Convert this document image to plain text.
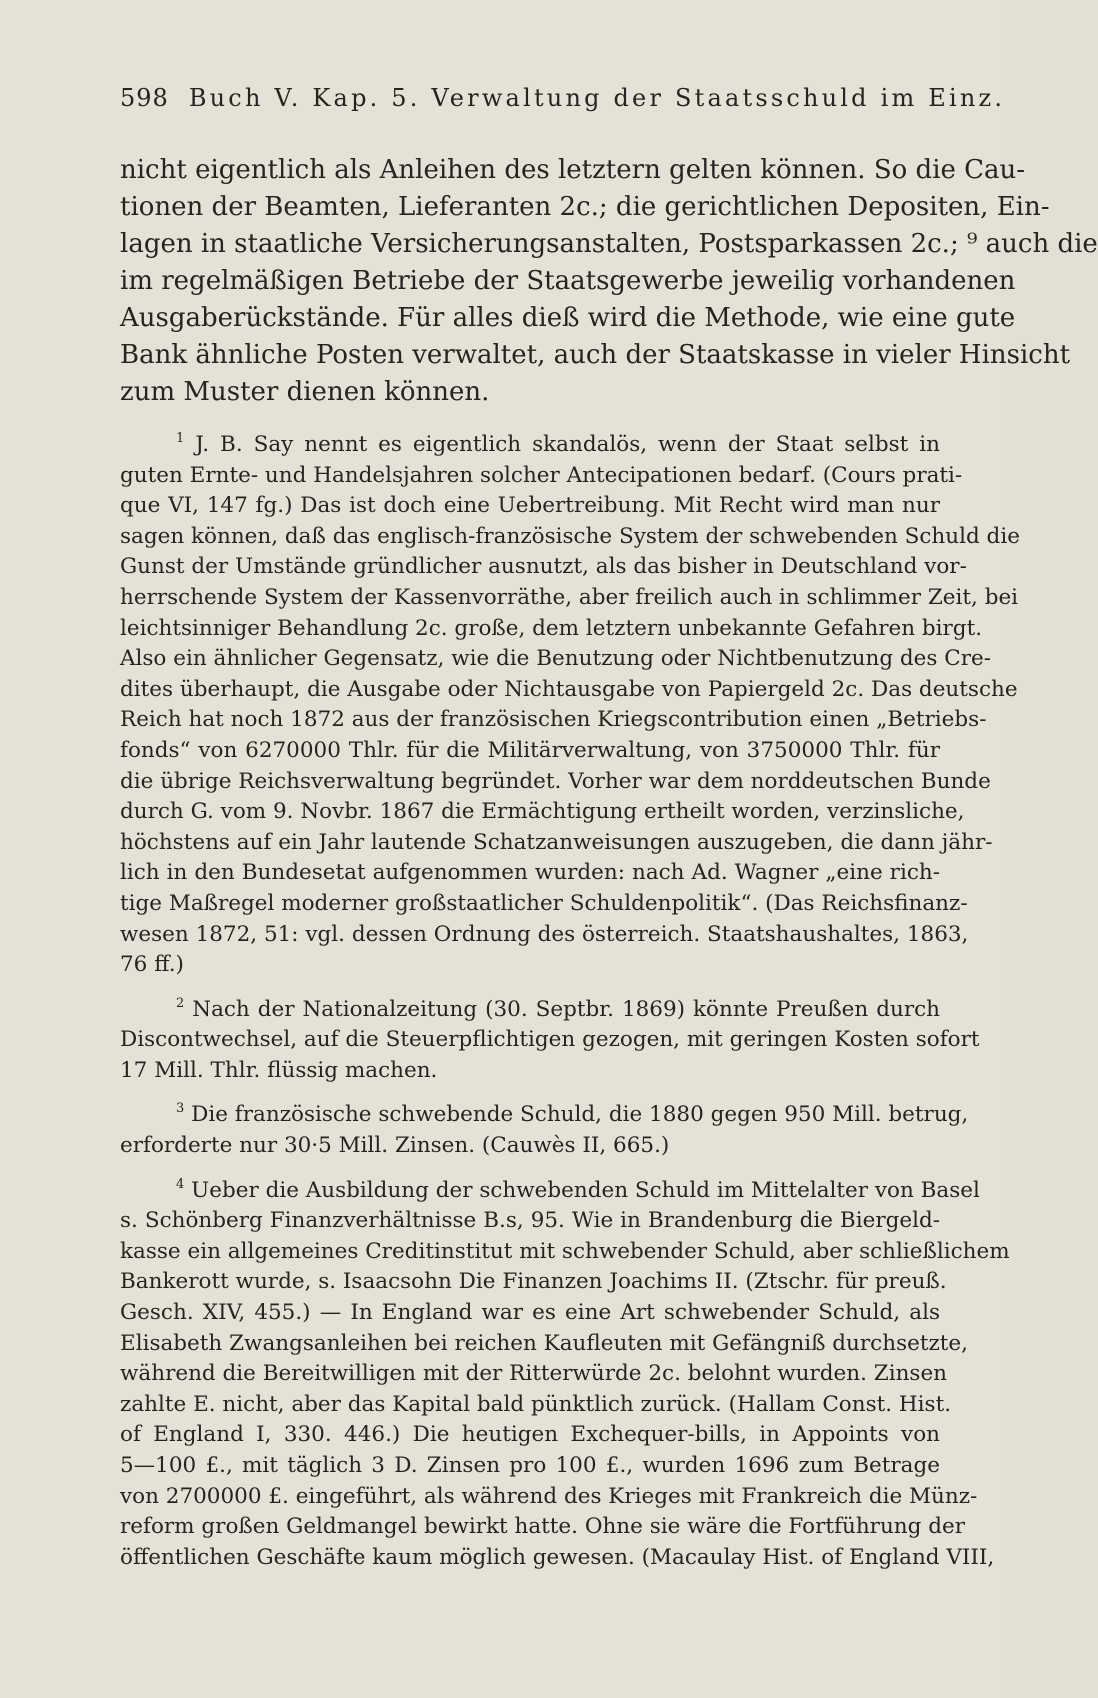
598 Buch V. Kap. 5. Verwaltung der Staatsschuld im Einz.
nicht eigentlich als Anleihen des letztern gelten können. So die Cau-
tionen der Beamten, Lieferanten 2c.; die gerichtlichen Depositen, Ein-
lagen in staatliche Versicherungsanstalten, Postsparkassen 2c.; ⁹ auch die
im regelmäßigen Betriebe der Staatsgewerbe jeweilig vorhandenen
Ausgaberückstände. Für alles dieß wird die Methode, wie eine gute
Bank ähnliche Posten verwaltet, auch der Staatskasse in vieler Hinsicht
zum Muster dienen können.
$^1$ J. B. Say nennt es eigentlich skandalös, wenn der Staat selbst in
guten Ernte- und Handelsjahren solcher Antecipationen bedarf. (Cours prati-
que VI, 147 fg.) Das ist doch eine Uebertreibung. Mit Recht wird man nur
sagen können, daß das englisch-französische System der schwebenden Schuld die
Gunst der Umstände gründlicher ausnutzt, als das bisher in Deutschland vor-
herrschende System der Kassenvorräthe, aber freilich auch in schlimmer Zeit, bei
leichtsinniger Behandlung 2c. große, dem letztern unbekannte Gefahren birgt.
Also ein ähnlicher Gegensatz, wie die Benutzung oder Nichtbenutzung des Cre-
dites überhaupt, die Ausgabe oder Nichtausgabe von Papiergeld 2c. Das deutsche
Reich hat noch 1872 aus der französischen Kriegscontribution einen „Betriebs-
fonds“ von 6270000 Thlr. für die Militärverwaltung, von 3750000 Thlr. für
die übrige Reichsverwaltung begründet. Vorher war dem norddeutschen Bunde
durch G. vom 9. Novbr. 1867 die Ermächtigung ertheilt worden, verzinsliche,
höchstens auf ein Jahr lautende Schatzanweisungen auszugeben, die dann jähr-
lich in den Bundesetat aufgenommen wurden: nach Ad. Wagner „eine rich-
tige Maßregel moderner großstaatlicher Schuldenpolitik“. (Das Reichsfinanz-
wesen 1872, 51: vgl. dessen Ordnung des österreich. Staatshaushaltes, 1863,
76 ff.)
$^2$ Nach der Nationalzeitung (30. Septbr. 1869) könnte Preußen durch
Discontwechsel, auf die Steuerpflichtigen gezogen, mit geringen Kosten sofort
17 Mill. Thlr. flüssig machen.
$^3$ Die französische schwebende Schuld, die 1880 gegen 950 Mill. betrug,
erforderte nur 30·5 Mill. Zinsen. (Cauwès II, 665.)
$^4$ Ueber die Ausbildung der schwebenden Schuld im Mittelalter von Basel
s. Schönberg Finanzverhältnisse B.s, 95. Wie in Brandenburg die Biergeld-
kasse ein allgemeines Creditinstitut mit schwebender Schuld, aber schließlichem
Bankerott wurde, s. Isaacsohn Die Finanzen Joachims II. (Ztschr. für preuß.
Gesch. XIV, 455.) — In England war es eine Art schwebender Schuld, als
Elisabeth Zwangsanleihen bei reichen Kaufleuten mit Gefängniß durchsetzte,
während die Bereitwilligen mit der Ritterwürde 2c. belohnt wurden. Zinsen
zahlte E. nicht, aber das Kapital bald pünktlich zurück. (Hallam Const. Hist.
of England I, 330. 446.) Die heutigen Exchequer-bills, in Appoints von
5—100 £., mit täglich 3 D. Zinsen pro 100 £., wurden 1696 zum Betrage
von 2700000 £. eingeführt, als während des Krieges mit Frankreich die Münz-
reform großen Geldmangel bewirkt hatte. Ohne sie wäre die Fortführung der
öffentlichen Geschäfte kaum möglich gewesen. (Macaulay Hist. of England VIII,
